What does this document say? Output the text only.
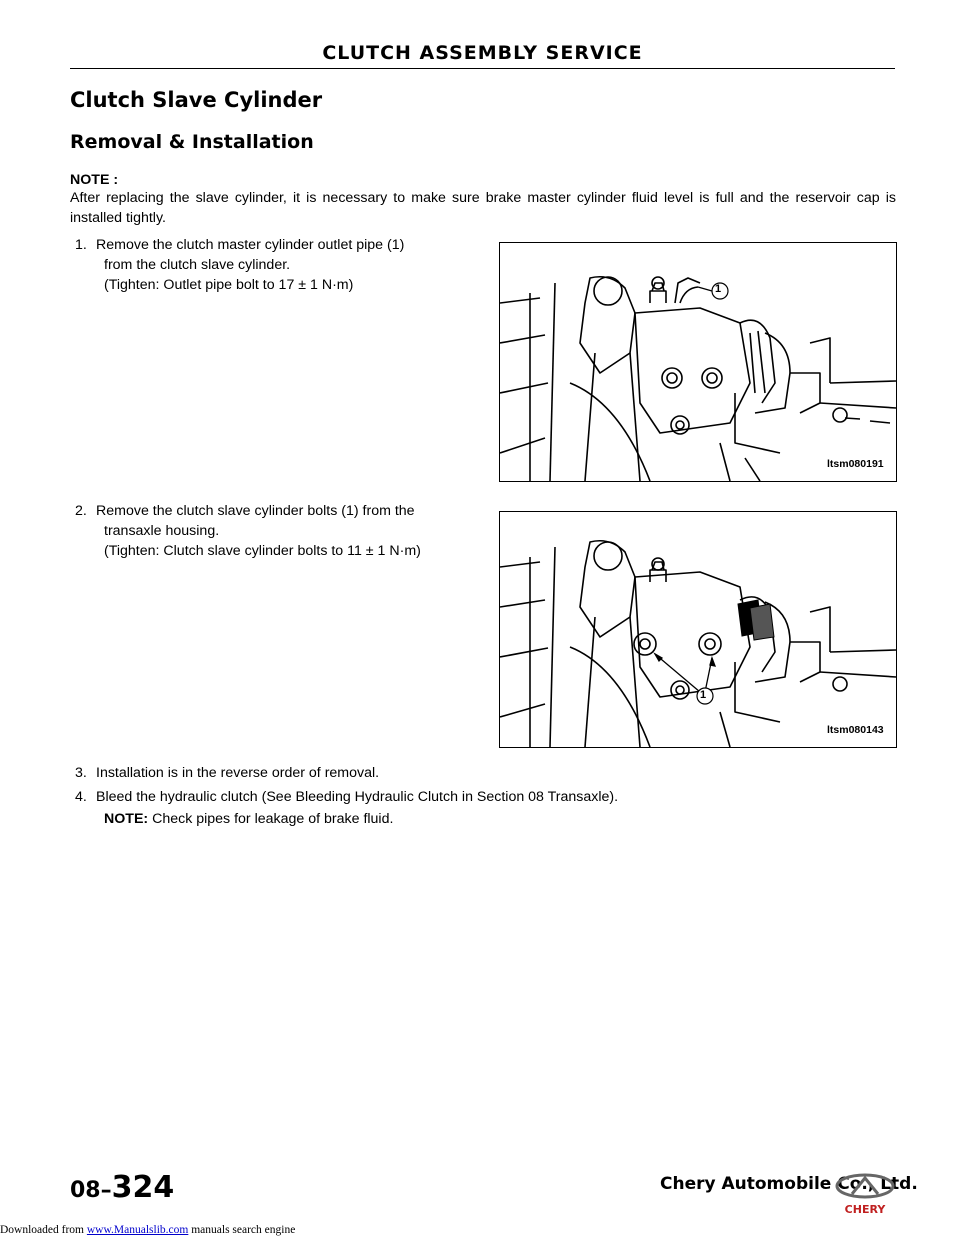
CLUTCH ASSEMBLY SERVICE
Clutch Slave Cylinder
Removal & Installation
NOTE :
After replacing the slave cylinder, it is necessary to make sure brake master cylinder fluid level is full and the reservoir cap is installed tightly.
1. Remove the clutch master cylinder outlet pipe (1)
from the clutch slave cylinder.
(Tighten: Outlet pipe bolt to 17 ± 1 N·m)	1
ltsm080191
2. Remove the clutch slave cylinder bolts (1) from the
transaxle housing.
(Tighten: Clutch slave cylinder bolts to 11 ± 1 N·m)
1
ltsm080143
3. Installation is in the reverse order of removal.
4. Bleed the hydraulic clutch (See Bleeding Hydraulic Clutch in Section 08 Transaxle).
NOTE: Check pipes for leakage of brake fluid.
08–324	Chery Automobile Co., Ltd.
CHERY
Downloaded from www.Manualslib.com manuals search engine
